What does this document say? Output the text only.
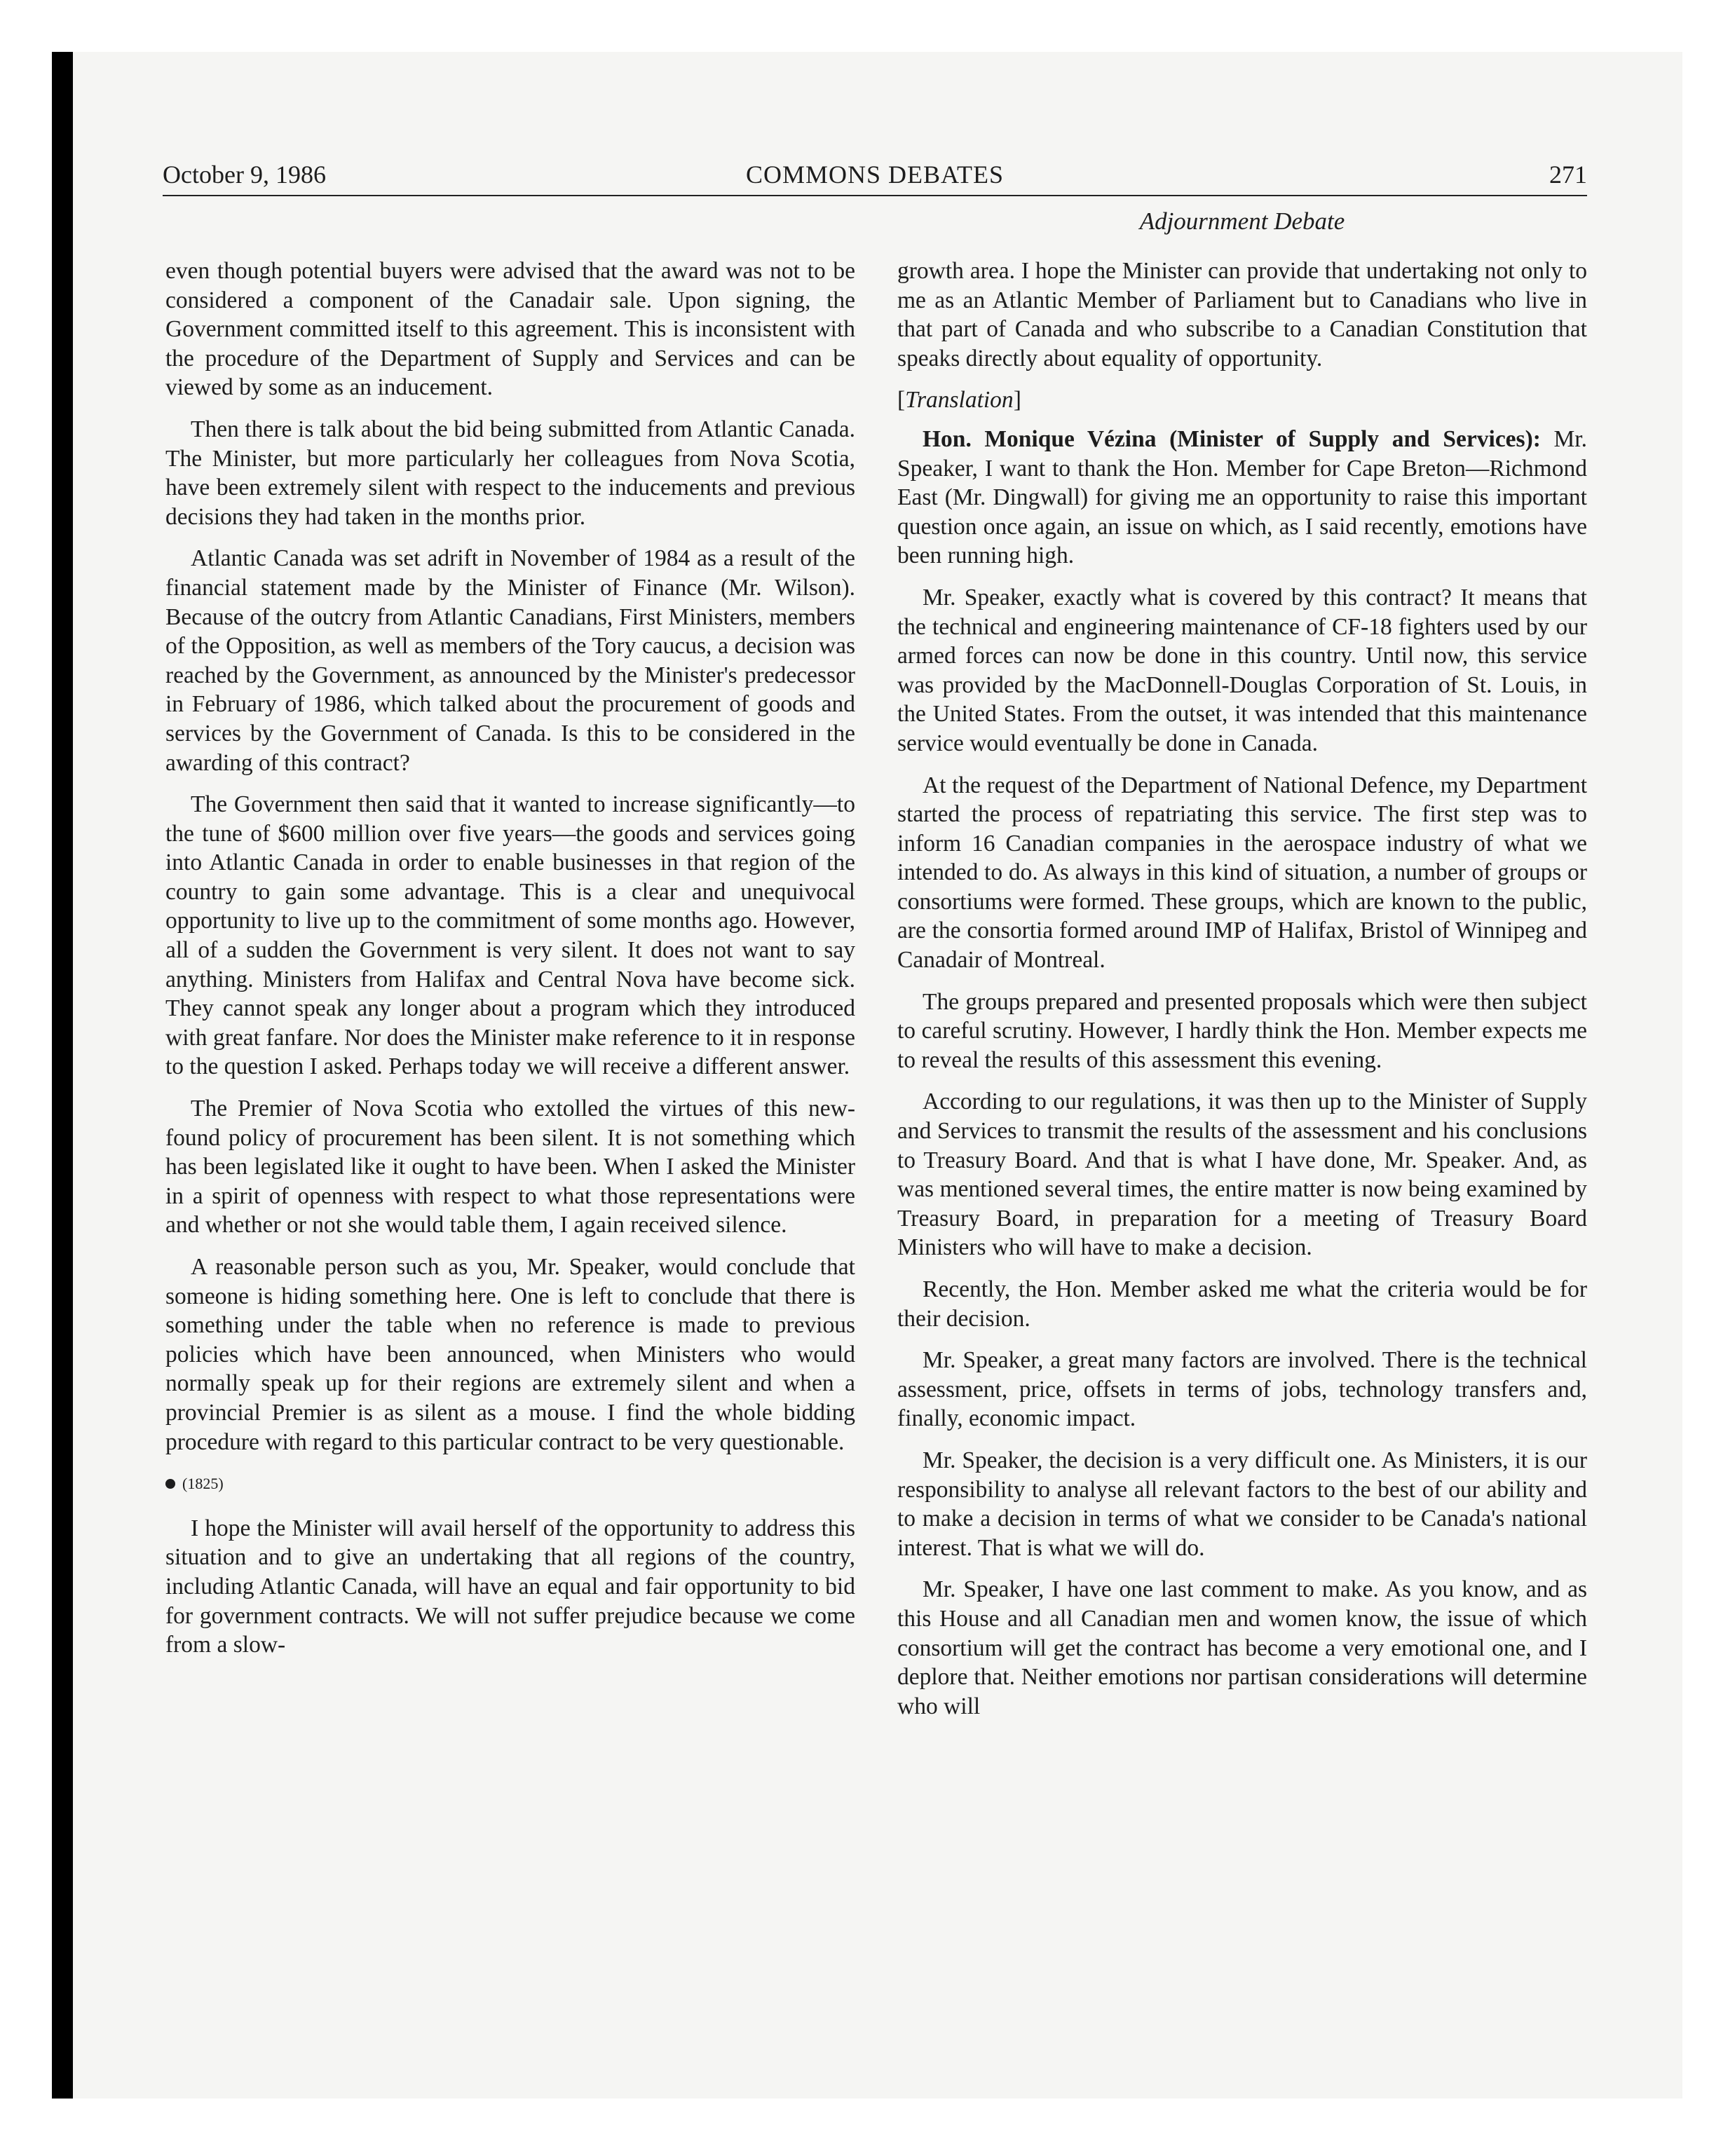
October 9, 1986	COMMONS DEBATES	271
Adjournment Debate

even though potential buyers were advised that the award was not to be considered a component of the Canadair sale. Upon signing, the Government committed itself to this agreement. This is inconsistent with the procedure of the Department of Supply and Services and can be viewed by some as an inducement.

Then there is talk about the bid being submitted from Atlantic Canada. The Minister, but more particularly her colleagues from Nova Scotia, have been extremely silent with respect to the inducements and previous decisions they had taken in the months prior.

Atlantic Canada was set adrift in November of 1984 as a result of the financial statement made by the Minister of Finance (Mr. Wilson). Because of the outcry from Atlantic Canadians, First Ministers, members of the Opposition, as well as members of the Tory caucus, a decision was reached by the Government, as announced by the Minister's predecessor in February of 1986, which talked about the procurement of goods and services by the Government of Canada. Is this to be considered in the awarding of this contract?

The Government then said that it wanted to increase significantly—to the tune of $600 million over five years—the goods and services going into Atlantic Canada in order to enable businesses in that region of the country to gain some advantage. This is a clear and unequivocal opportunity to live up to the commitment of some months ago. However, all of a sudden the Government is very silent. It does not want to say anything. Ministers from Halifax and Central Nova have become sick. They cannot speak any longer about a program which they introduced with great fanfare. Nor does the Minister make reference to it in response to the question I asked. Perhaps today we will receive a different answer.

The Premier of Nova Scotia who extolled the virtues of this new-found policy of procurement has been silent. It is not something which has been legislated like it ought to have been. When I asked the Minister in a spirit of openness with respect to what those representations were and whether or not she would table them, I again received silence.

A reasonable person such as you, Mr. Speaker, would conclude that someone is hiding something here. One is left to conclude that there is something under the table when no reference is made to previous policies which have been announced, when Ministers who would normally speak up for their regions are extremely silent and when a provincial Premier is as silent as a mouse. I find the whole bidding procedure with regard to this particular contract to be very questionable.

(1825)

I hope the Minister will avail herself of the opportunity to address this situation and to give an undertaking that all regions of the country, including Atlantic Canada, will have an equal and fair opportunity to bid for government contracts. We will not suffer prejudice because we come from a slow-

growth area. I hope the Minister can provide that undertaking not only to me as an Atlantic Member of Parliament but to Canadians who live in that part of Canada and who subscribe to a Canadian Constitution that speaks directly about equality of opportunity.

[Translation]

Hon. Monique Vézina (Minister of Supply and Services): Mr. Speaker, I want to thank the Hon. Member for Cape Breton—Richmond East (Mr. Dingwall) for giving me an opportunity to raise this important question once again, an issue on which, as I said recently, emotions have been running high.

Mr. Speaker, exactly what is covered by this contract? It means that the technical and engineering maintenance of CF-18 fighters used by our armed forces can now be done in this country. Until now, this service was provided by the MacDonnell-Douglas Corporation of St. Louis, in the United States. From the outset, it was intended that this maintenance service would eventually be done in Canada.

At the request of the Department of National Defence, my Department started the process of repatriating this service. The first step was to inform 16 Canadian companies in the aerospace industry of what we intended to do. As always in this kind of situation, a number of groups or consortiums were formed. These groups, which are known to the public, are the consortia formed around IMP of Halifax, Bristol of Winnipeg and Canadair of Montreal.

The groups prepared and presented proposals which were then subject to careful scrutiny. However, I hardly think the Hon. Member expects me to reveal the results of this assessment this evening.

According to our regulations, it was then up to the Minister of Supply and Services to transmit the results of the assessment and his conclusions to Treasury Board. And that is what I have done, Mr. Speaker. And, as was mentioned several times, the entire matter is now being examined by Treasury Board, in preparation for a meeting of Treasury Board Ministers who will have to make a decision.

Recently, the Hon. Member asked me what the criteria would be for their decision.

Mr. Speaker, a great many factors are involved. There is the technical assessment, price, offsets in terms of jobs, technology transfers and, finally, economic impact.

Mr. Speaker, the decision is a very difficult one. As Ministers, it is our responsibility to analyse all relevant factors to the best of our ability and to make a decision in terms of what we consider to be Canada's national interest. That is what we will do.

Mr. Speaker, I have one last comment to make. As you know, and as this House and all Canadian men and women know, the issue of which consortium will get the contract has become a very emotional one, and I deplore that. Neither emotions nor partisan considerations will determine who will
